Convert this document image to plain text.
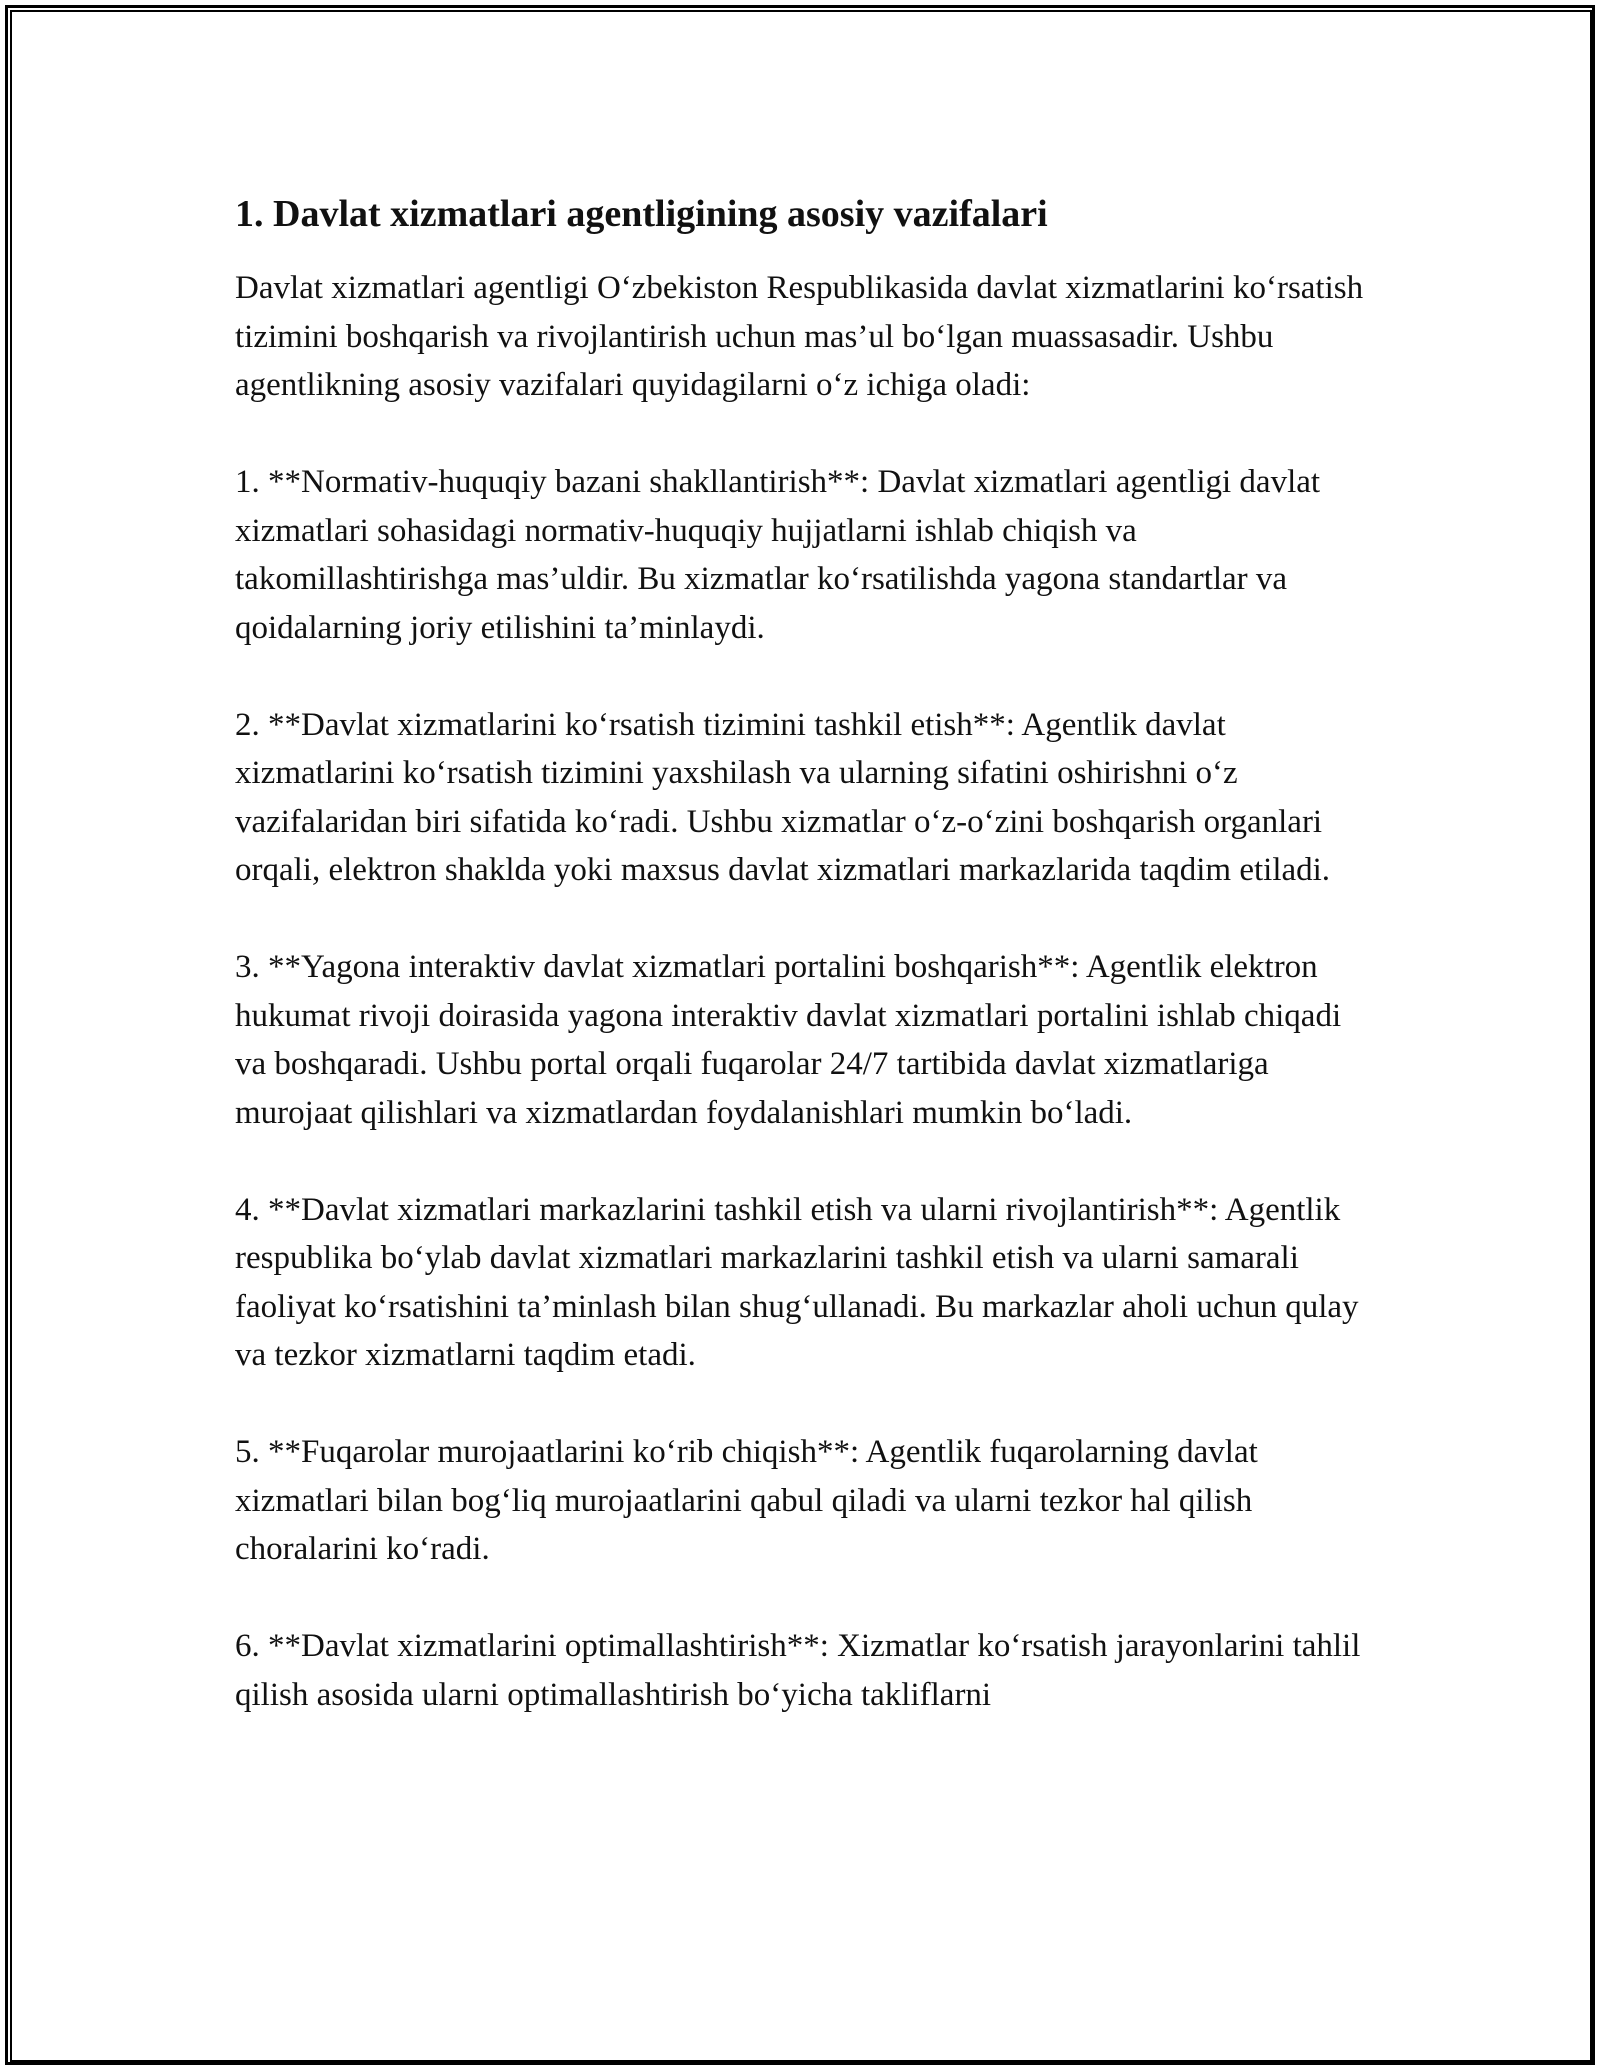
1. Davlat xizmatlari agentligining asosiy vazifalari

Davlat xizmatlari agentligi O‘zbekiston Respublikasida davlat xizmatlarini ko‘rsatish tizimini boshqarish va rivojlantirish uchun mas’ul bo‘lgan muassasadir. Ushbu agentlikning asosiy vazifalari quyidagilarni o‘z ichiga oladi:

1. **Normativ-huquqiy bazani shakllantirish**: Davlat xizmatlari agentligi davlat xizmatlari sohasidagi normativ-huquqiy hujjatlarni ishlab chiqish va takomillashtirishga mas’uldir. Bu xizmatlar ko‘rsatilishda yagona standartlar va qoidalarning joriy etilishini ta’minlaydi.

2. **Davlat xizmatlarini ko‘rsatish tizimini tashkil etish**: Agentlik davlat xizmatlarini ko‘rsatish tizimini yaxshilash va ularning sifatini oshirishni o‘z vazifalaridan biri sifatida ko‘radi. Ushbu xizmatlar o‘z-o‘zini boshqarish organlari orqali, elektron shaklda yoki maxsus davlat xizmatlari markazlarida taqdim etiladi.

3. **Yagona interaktiv davlat xizmatlari portalini boshqarish**: Agentlik elektron hukumat rivoji doirasida yagona interaktiv davlat xizmatlari portalini ishlab chiqadi va boshqaradi. Ushbu portal orqali fuqarolar 24/7 tartibida davlat xizmatlariga murojaat qilishlari va xizmatlardan foydalanishlari mumkin bo‘ladi.

4. **Davlat xizmatlari markazlarini tashkil etish va ularni rivojlantirish**: Agentlik respublika bo‘ylab davlat xizmatlari markazlarini tashkil etish va ularni samarali faoliyat ko‘rsatishini ta’minlash bilan shug‘ullanadi. Bu markazlar aholi uchun qulay va tezkor xizmatlarni taqdim etadi.

5. **Fuqarolar murojaatlarini ko‘rib chiqish**: Agentlik fuqarolarning davlat xizmatlari bilan bog‘liq murojaatlarini qabul qiladi va ularni tezkor hal qilish choralarini ko‘radi.

6. **Davlat xizmatlarini optimallashtirish**: Xizmatlar ko‘rsatish jarayonlarini tahlil qilish asosida ularni optimallashtirish bo‘yicha takliflarni
